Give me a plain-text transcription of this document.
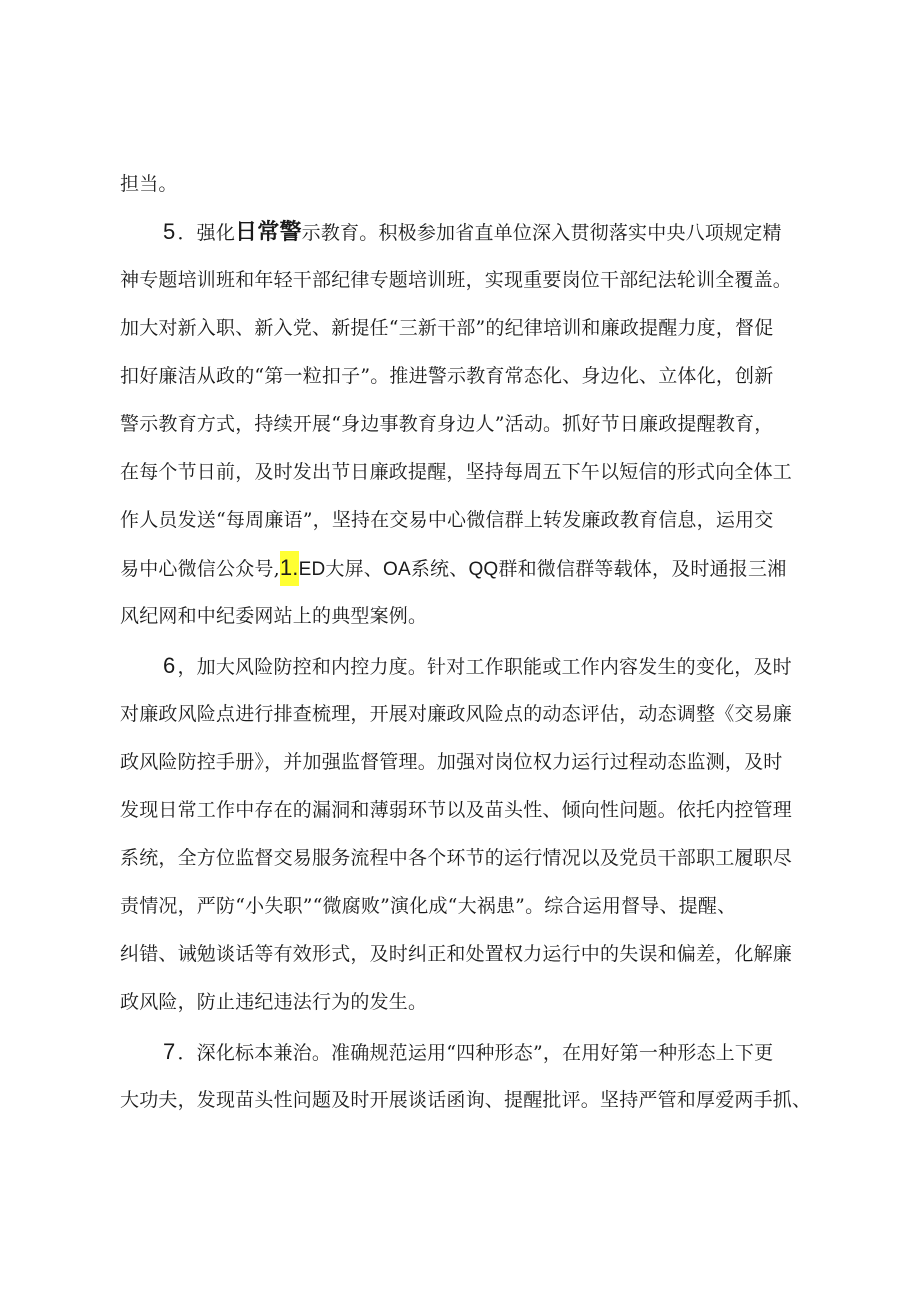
担当。
5 ．强化日常警示教育。积极参加省直单位深入贯彻落实中央八项规定精
神专题培训班和年轻干部纪律专题培训班，实现重要岗位干部纪法轮训全覆盖。
加大对新入职、新入党、新提任“三新干部”的纪律培训和廉政提醒力度，督促
扣好廉洁从政的“第一粒扣子”。推进警示教育常态化、身边化、立体化，创新
警示教育方式，持续开展“身边事教育身边人”活动。抓好节日廉政提醒教育，
在每个节日前，及时发出节日廉政提醒，坚持每周五下午以短信的形式向全体工
作人员发送“每周廉语”，坚持在交易中心微信群上转发廉政教育信息，运用交
易中心微信公众号,1.ED大屏、OA系统、QQ群和微信群等载体，及时通报三湘
风纪网和中纪委网站上的典型案例。
6 ，加大风险防控和内控力度。针对工作职能或工作内容发生的变化，及时
对廉政风险点进行排查梳理，开展对廉政风险点的动态评估，动态调整《交易廉
政风险防控手册》，并加强监督管理。加强对岗位权力运行过程动态监测，及时
发现日常工作中存在的漏洞和薄弱环节以及苗头性、倾向性问题。依托内控管理
系统，全方位监督交易服务流程中各个环节的运行情况以及党员干部职工履职尽
责情况，严防“小失职”“微腐败”演化成“大祸患”。综合运用督导、提醒、
纠错、诫勉谈话等有效形式，及时纠正和处置权力运行中的失误和偏差，化解廉
政风险，防止违纪违法行为的发生。
7 ．深化标本兼治。准确规范运用“四种形态”，在用好第一种形态上下更
大功夫，发现苗头性问题及时开展谈话函询、提醒批评。坚持严管和厚爱两手抓、
